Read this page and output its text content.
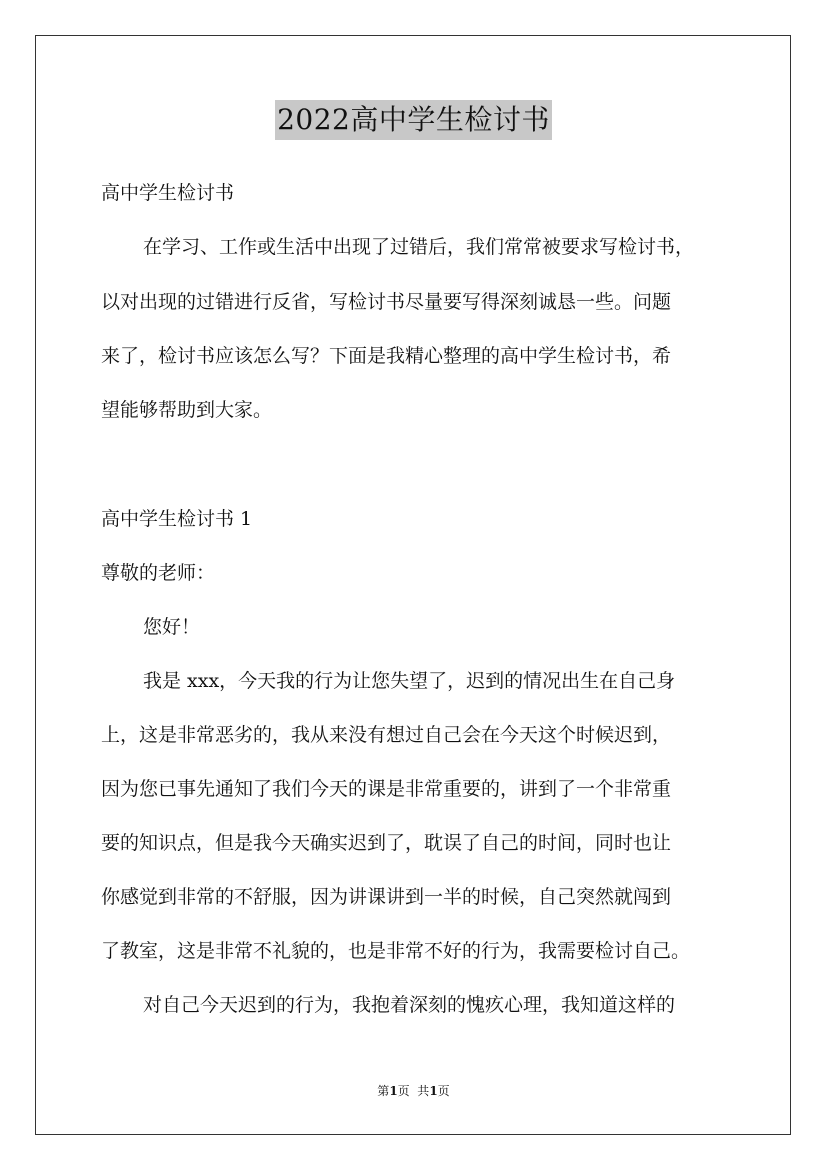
2022高中学生检讨书
高中学生检讨书
在学习、工作或生活中出现了过错后，我们常常被要求写检讨书，
以对出现的过错进行反省，写检讨书尽量要写得深刻诚恳一些。问题
来了，检讨书应该怎么写？下面是我精心整理的高中学生检讨书，希
望能够帮助到大家。
高中学生检讨书 1
尊敬的老师：
您好！
我是 xxx，今天我的行为让您失望了，迟到的情况出生在自己身
上，这是非常恶劣的，我从来没有想过自己会在今天这个时候迟到，
因为您已事先通知了我们今天的课是非常重要的，讲到了一个非常重
要的知识点，但是我今天确实迟到了，耽误了自己的时间，同时也让
你感觉到非常的不舒服，因为讲课讲到一半的时候，自己突然就闯到
了教室，这是非常不礼貌的，也是非常不好的行为，我需要检讨自己。
对自己今天迟到的行为，我抱着深刻的愧疚心理，我知道这样的
第1页  共1页
